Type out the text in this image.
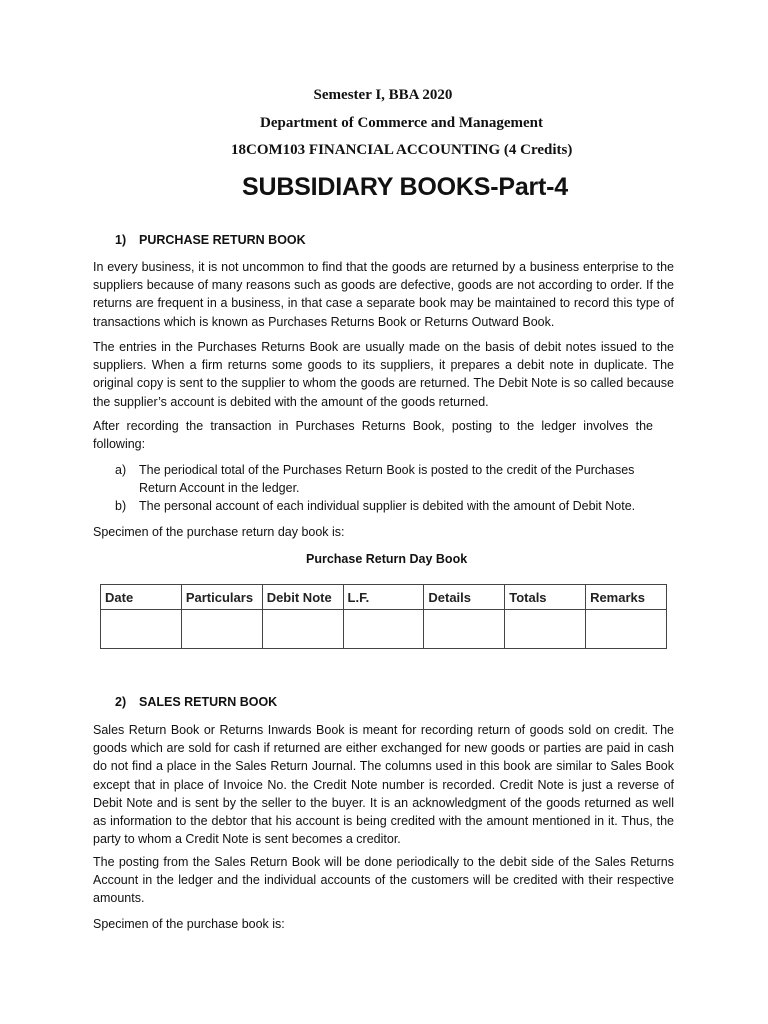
Semester I, BBA 2020
Department of Commerce and Management
18COM103 FINANCIAL ACCOUNTING (4 Credits)
SUBSIDIARY BOOKS-Part-4
1) PURCHASE RETURN BOOK

In every business, it is not uncommon to find that the goods are returned by a business enterprise to the suppliers because of many reasons such as goods are defective, goods are not according to order. If the returns are frequent in a business, in that case a separate book may be maintained to record this type of transactions which is known as Purchases Returns Book or Returns Outward Book.

The entries in the Purchases Returns Book are usually made on the basis of debit notes issued to the suppliers. When a firm returns some goods to its suppliers, it prepares a debit note in duplicate. The original copy is sent to the supplier to whom the goods are returned. The Debit Note is so called because the supplier’s account is debited with the amount of the goods returned.

After recording the transaction in Purchases Returns Book, posting to the ledger involves the following:

a) The periodical total of the Purchases Return Book is posted to the credit of the Purchases Return Account in the ledger.
b) The personal account of each individual supplier is debited with the amount of Debit Note.
Specimen of the purchase return day book is:
Purchase Return Day Book
Date	Particulars	Debit Note	L.F.	Details	Totals	Remarks

2) SALES RETURN BOOK

Sales Return Book or Returns Inwards Book is meant for recording return of goods sold on credit. The goods which are sold for cash if returned are either exchanged for new goods or parties are paid in cash do not find a place in the Sales Return Journal. The columns used in this book are similar to Sales Book except that in place of Invoice No. the Credit Note number is recorded. Credit Note is just a reverse of Debit Note and is sent by the seller to the buyer. It is an acknowledgment of the goods returned as well as information to the debtor that his account is being credited with the amount mentioned in it. Thus, the party to whom a Credit Note is sent becomes a creditor.

The posting from the Sales Return Book will be done periodically to the debit side of the Sales Returns Account in the ledger and the individual accounts of the customers will be credited with their respective amounts.

Specimen of the purchase book is:
